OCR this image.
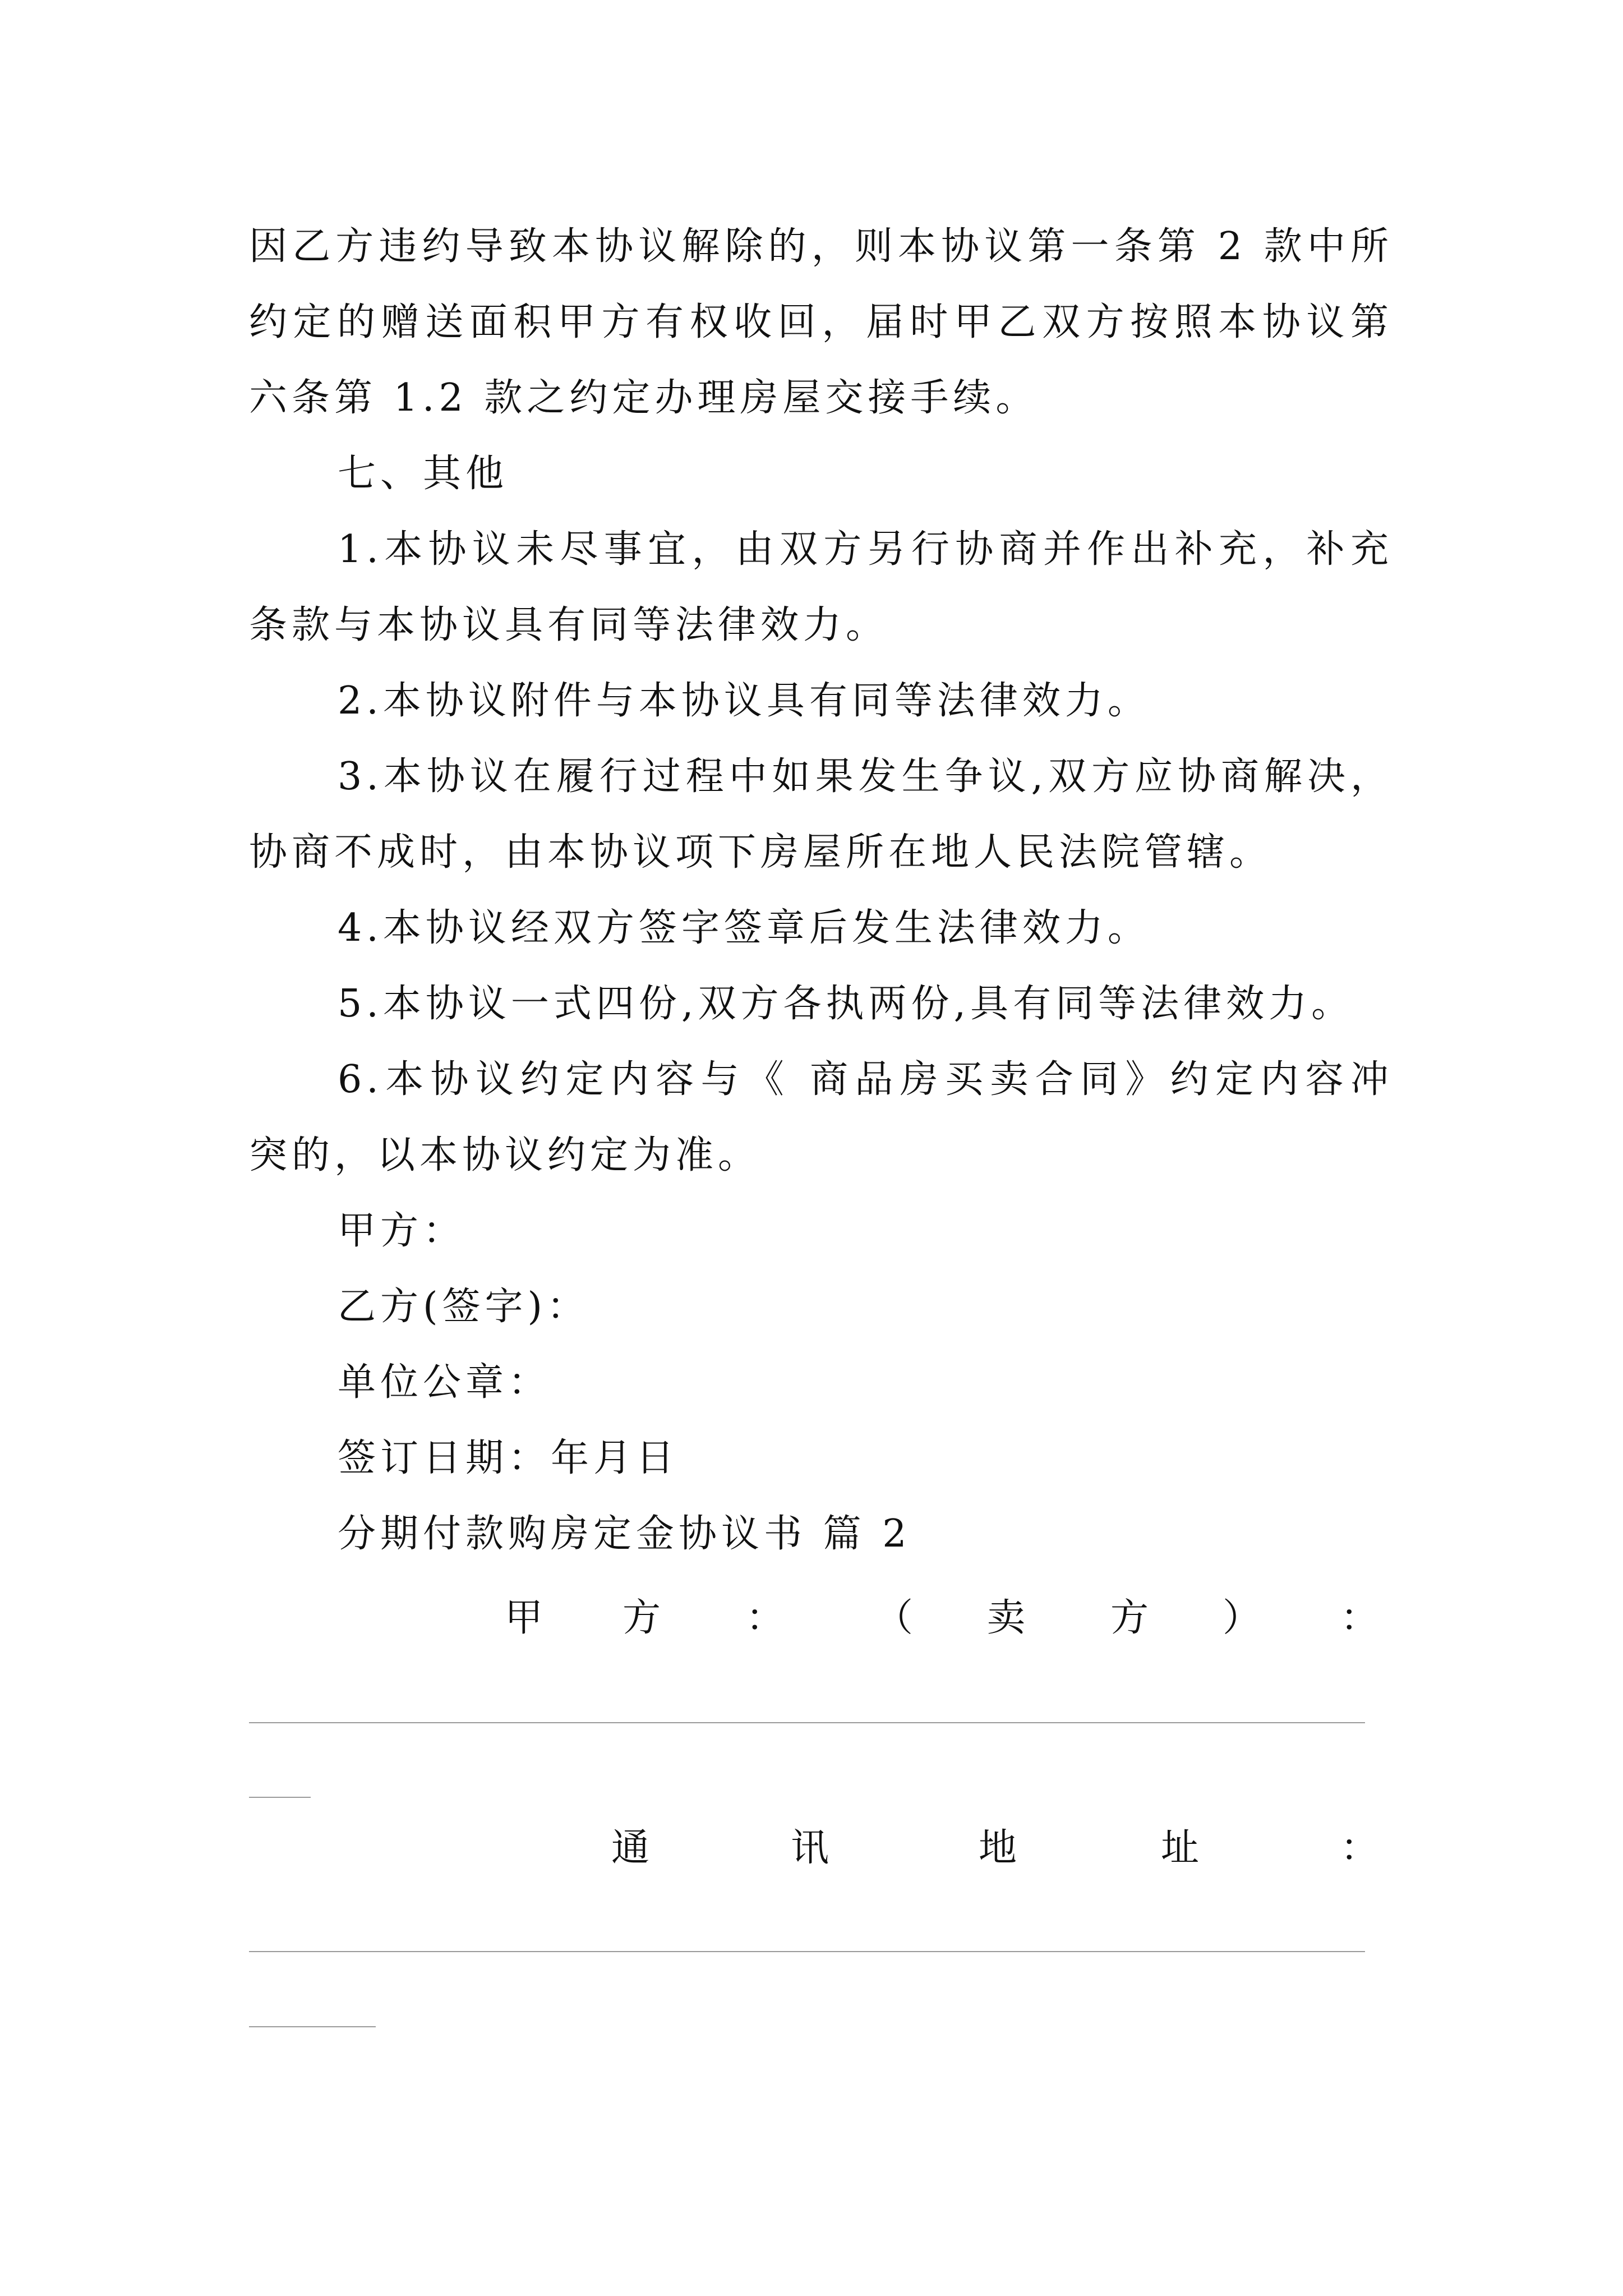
因乙方违约导致本协议解除的，则本协议第一条第 2 款中所
约定的赠送面积甲方有权收回，届时甲乙双方按照本协议第
六条第 1.2 款之约定办理房屋交接手续。
七、其他
1.本协议未尽事宜，由双方另行协商并作出补充，补充
条款与本协议具有同等法律效力。
2.本协议附件与本协议具有同等法律效力。
3.本协议在履行过程中如果发生争议,双方应协商解决，
协商不成时，由本协议项下房屋所在地人民法院管辖。
4.本协议经双方签字签章后发生法律效力。
5.本协议一式四份,双方各执两份,具有同等法律效力。
6.本协议约定内容与《 商品房买卖合同》约定内容冲
突的，以本协议约定为准。
甲方：
乙方(签字)：
单位公章：
签订日期：年月日
分期付款购房定金协议书 篇 2
甲 方 ： （ 卖 方 ） ：
通	讯	地	址	：
